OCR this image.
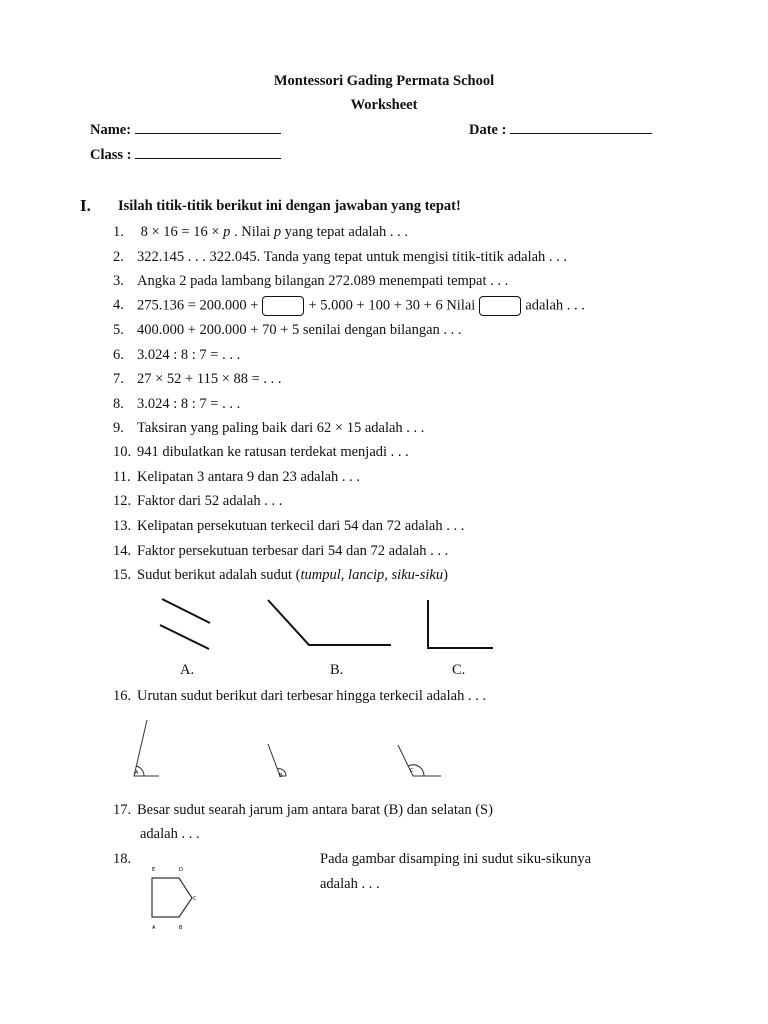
Montessori Gading Permata School
Worksheet
Name:	Date :
Class :
I. Isilah titik-titik berikut ini dengan jawaban yang tepat!
1. 8 × 16 = 16 × p . Nilai p yang tepat adalah . . .
2. 322.145 . . . 322.045. Tanda yang tepat untuk mengisi titik-titik adalah . . .
3. Angka 2 pada lambang bilangan 272.089 menempati tempat . . .
4. 275.136 = 200.000 +	+ 5.000 + 100 + 30 + 6 Nilai	adalah . . .
5. 400.000 + 200.000 + 70 + 5 senilai dengan bilangan . . .
6. 3.024 : 8 : 7 = . . .
7. 27 × 52 + 115 × 88 = . . .
8. 3.024 : 8 : 7 = . . .
9. Taksiran yang paling baik dari 62 × 15 adalah . . .
10. 941 dibulatkan ke ratusan terdekat menjadi . . .
11. Kelipatan 3 antara 9 dan 23 adalah . . .
12. Faktor dari 52 adalah . . .
13. Kelipatan persekutuan terkecil dari 54 dan 72 adalah . . .
14. Faktor persekutuan terbesar dari 54 dan 72 adalah . . .
15. Sudut berikut adalah sudut (tumpul, lancip, siku-siku)
A.	B.	C.
16. Urutan sudut berikut dari terbesar hingga terkecil adalah . . .
A	B
C
17. Besar sudut searah jarum jam antara barat (B) dan selatan (S)
adalah . . .
18.	Pada gambar disamping ini sudut siku-sikunya
adalah . . .
E	D
C
A	B
